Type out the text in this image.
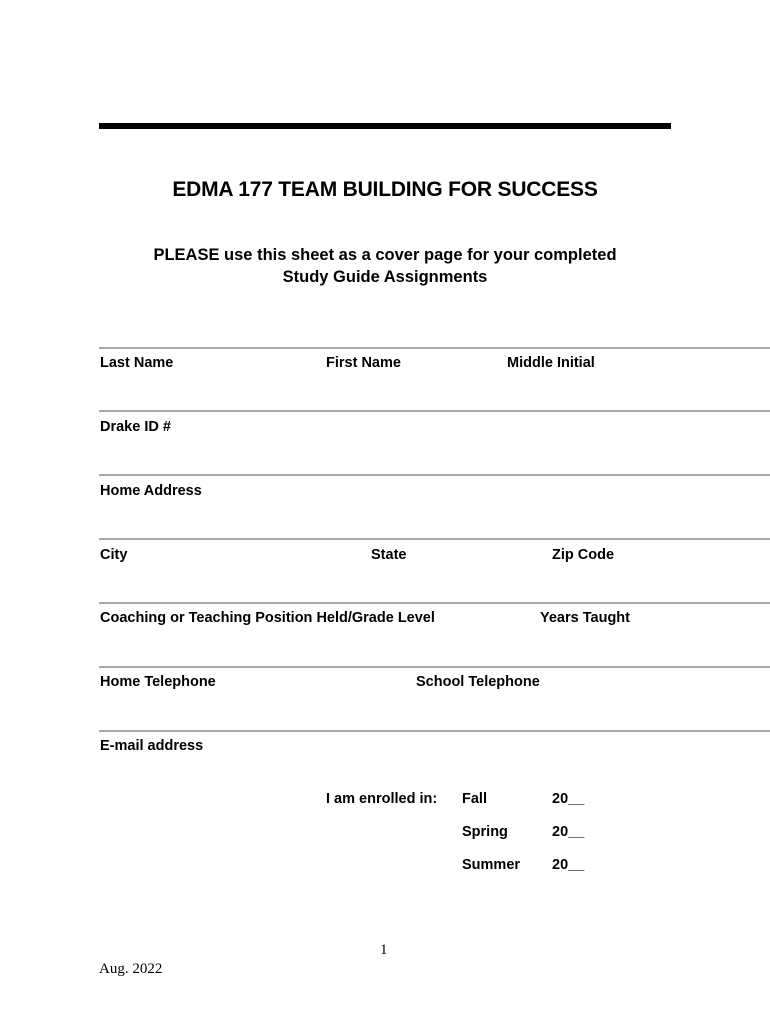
EDMA 177 TEAM BUILDING FOR SUCCESS
PLEASE use this sheet as a cover page for your completed
Study Guide Assignments
Last Name	First Name	Middle Initial
Drake ID #
Home Address
City	State	Zip Code
Coaching or Teaching Position Held/Grade Level	Years Taught
Home Telephone	School Telephone
E-mail address
I am enrolled in: Fall	20__
Spring	20__
Summer 20__
1
Aug. 2022
